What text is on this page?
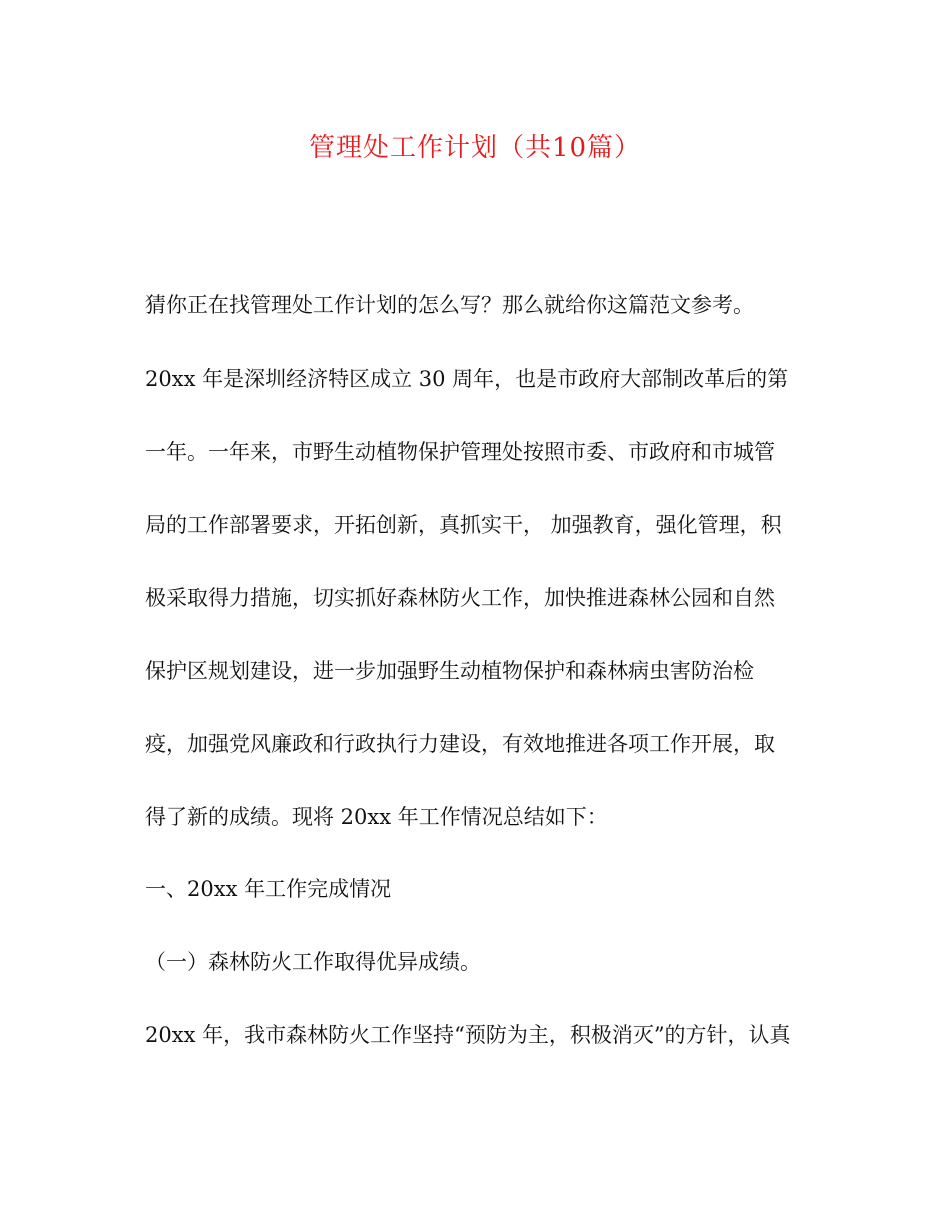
管理处工作计划（共10篇）
猜你正在找管理处工作计划的怎么写？那么就给你这篇范文参考。
20xx 年是深圳经济特区成立 30 周年，也是市政府大部制改革后的第
一年。一年来，市野生动植物保护管理处按照市委、市政府和市城管
局的工作部署要求，开拓创新，真抓实干， 加强教育，强化管理，积
极采取得力措施，切实抓好森林防火工作，加快推进森林公园和自然
保护区规划建设，进一步加强野生动植物保护和森林病虫害防治检
疫，加强党风廉政和行政执行力建设，有效地推进各项工作开展，取
得了新的成绩。现将 20xx 年工作情况总结如下：
一、20xx 年工作完成情况
（一）森林防火工作取得优异成绩。
20xx 年，我市森林防火工作坚持“预防为主，积极消灭”的方针，认真
